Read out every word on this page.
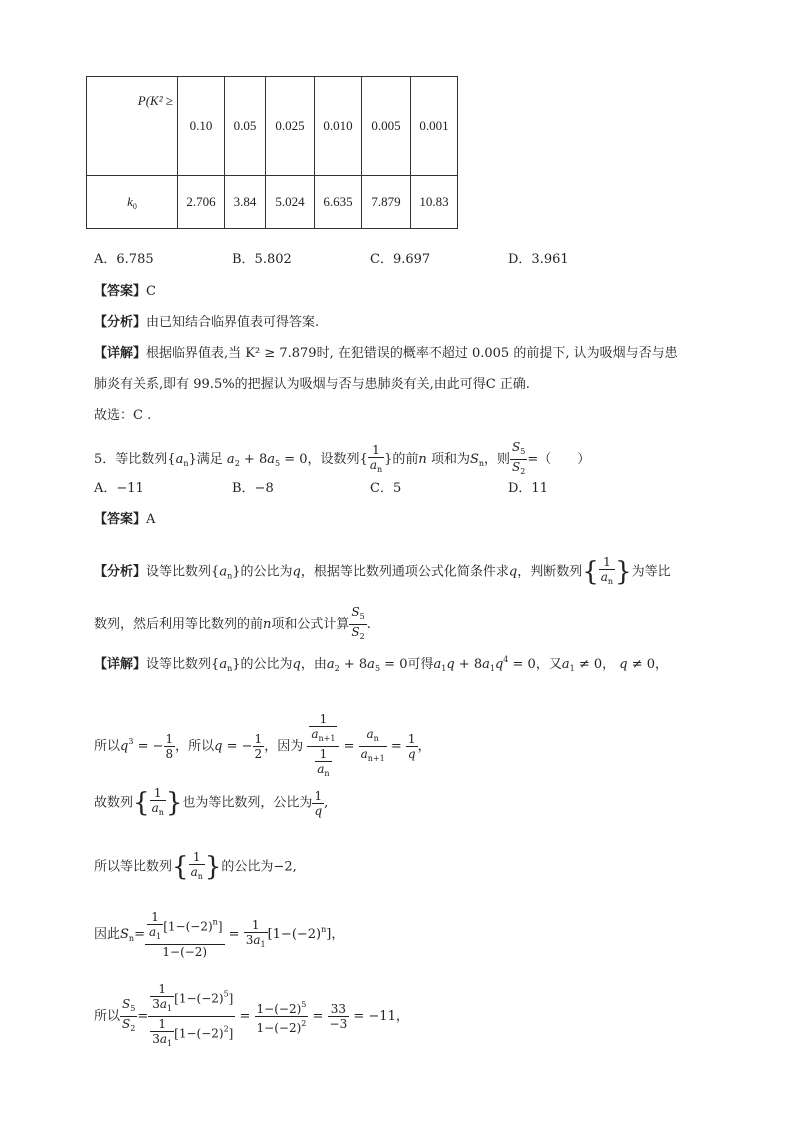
P(K² ≥	0.10	0.05	0.025	0.010	0.005	0.001
$k_0$	2.706	3.84	5.024	6.635	7.879	10.83
A．6.785	B．5.802	C．9.697	D．3.961
【答案】C
【分析】由已知结合临界值表可得答案.
【详解】根据临界值表,当 K² ≥ 7.879时, 在犯错误的概率不超过 0.005 的前提下, 认为吸烟与否与患
肺炎有关系,即有 99.5%的把握认为吸烟与否与患肺炎有关,由此可得C 正确.
故选：C .
5．等比数列$\{a_n\}$满足 $a_2 + 8a_5 = 0$，设数列{ $\frac{1}{a_n}$ }的前n 项和为$S_n$，则 $\frac{S_5}{S_2}$ =（　　）
A．−11	B．−8	C．5	D．11
【答案】A
【分析】设等比数列$\{a_n\}$的公比为q，根据等比数列通项公式化简条件求q，判断数列{ $\frac{1}{a_n}$ }为等比
数列，然后利用等比数列的前n项和公式计算 $\frac{S_5}{S_2}$ .
【详解】设等比数列$\{a_n\}$的公比为q，由$a_2 + 8a_5 = 0$可得$a_1q + 8a_1q^4 = 0$，又$a_1 \ne 0$， q ≠ 0，
所以$q^3$ = − $\frac{1}{8}$ ，所以q = − $\frac{1}{2}$ ，因为 $\frac{\frac{1}{a_{n+1}}}{\frac{1}{a_n}} = \frac{a_n}{a_{n+1}} = \frac{1}{q}$ ，
故数列{ $\frac{1}{a_n}$ }也为等比数列，公比为 $\frac{1}{q}$ ,
所以等比数列{ $\frac{1}{a_n}$ }的公比为−2,
因此$S_n= \frac{\frac{1}{a_1} [1-(-2)^n]}{1-(-2)} = \frac{1}{3a_1} [1-(-2)^n]$，
所以 $\frac{S_5}{S_2} = \frac{\frac{1}{3a_1} [1-(-2)^5]}{\frac{1}{3a_1} [1-(-2)^2]} = \frac{1-(-2)^5}{1-(-2)^2} = \frac{33}{-3} = -11$，
